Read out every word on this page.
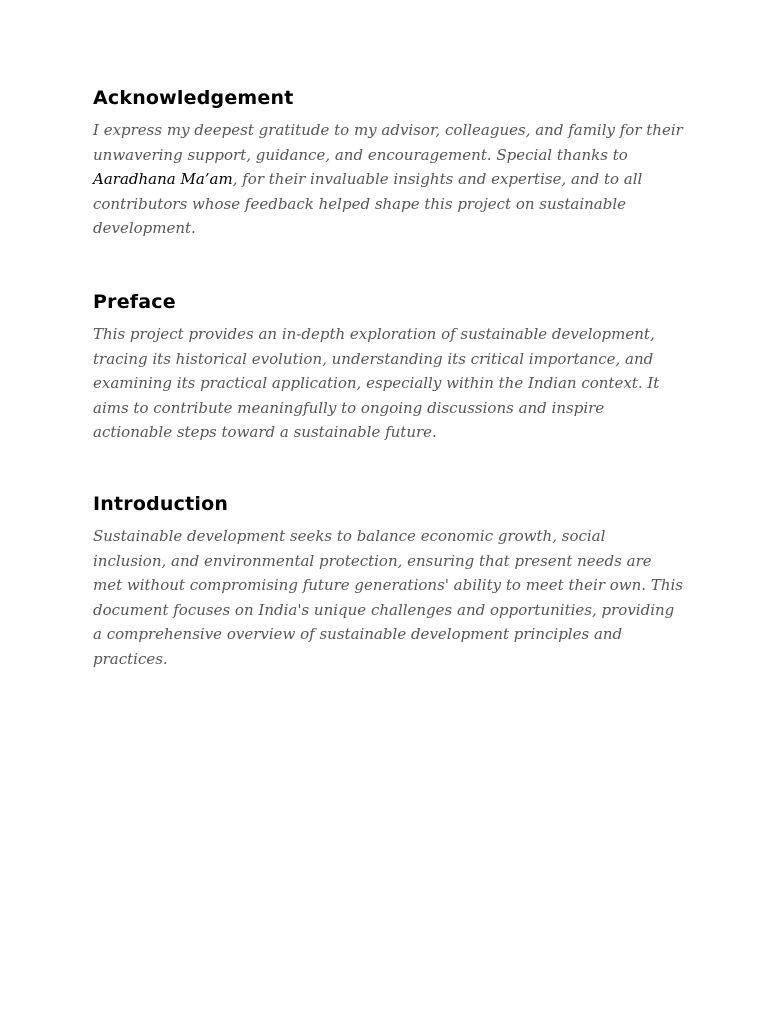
Acknowledgement

I express my deepest gratitude to my advisor, colleagues, and family for their unwavering support, guidance, and encouragement. Special thanks to Aaradhana Ma’am, for their invaluable insights and expertise, and to all contributors whose feedback helped shape this project on sustainable development.

Preface

This project provides an in-depth exploration of sustainable development, tracing its historical evolution, understanding its critical importance, and examining its practical application, especially within the Indian context. It aims to contribute meaningfully to ongoing discussions and inspire actionable steps toward a sustainable future.

Introduction

Sustainable development seeks to balance economic growth, social inclusion, and environmental protection, ensuring that present needs are met without compromising future generations' ability to meet their own. This document focuses on India's unique challenges and opportunities, providing a comprehensive overview of sustainable development principles and practices.
